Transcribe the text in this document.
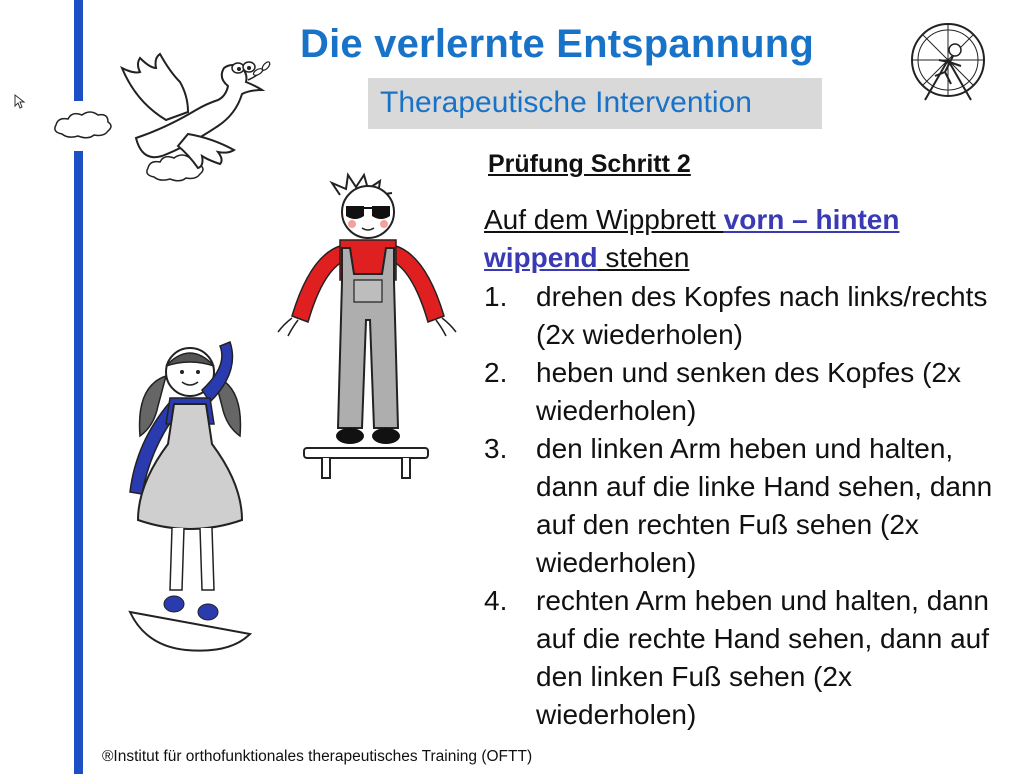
Die verlernte Entspannung
Therapeutische Intervention
Prüfung Schritt 2
Auf dem Wippbrett vorn – hinten
wippend stehen
1. drehen des Kopfes nach links/rechts (2x wiederholen)
2. heben und senken des Kopfes (2x wiederholen)
3. den linken Arm heben und halten, dann auf die linke Hand sehen, dann auf den rechten Fuß sehen (2x wiederholen)
4. rechten Arm heben und halten, dann auf die rechte Hand sehen, dann auf den linken Fuß sehen (2x wiederholen)
®Institut für orthofunktionales therapeutisches Training (OFTT)
